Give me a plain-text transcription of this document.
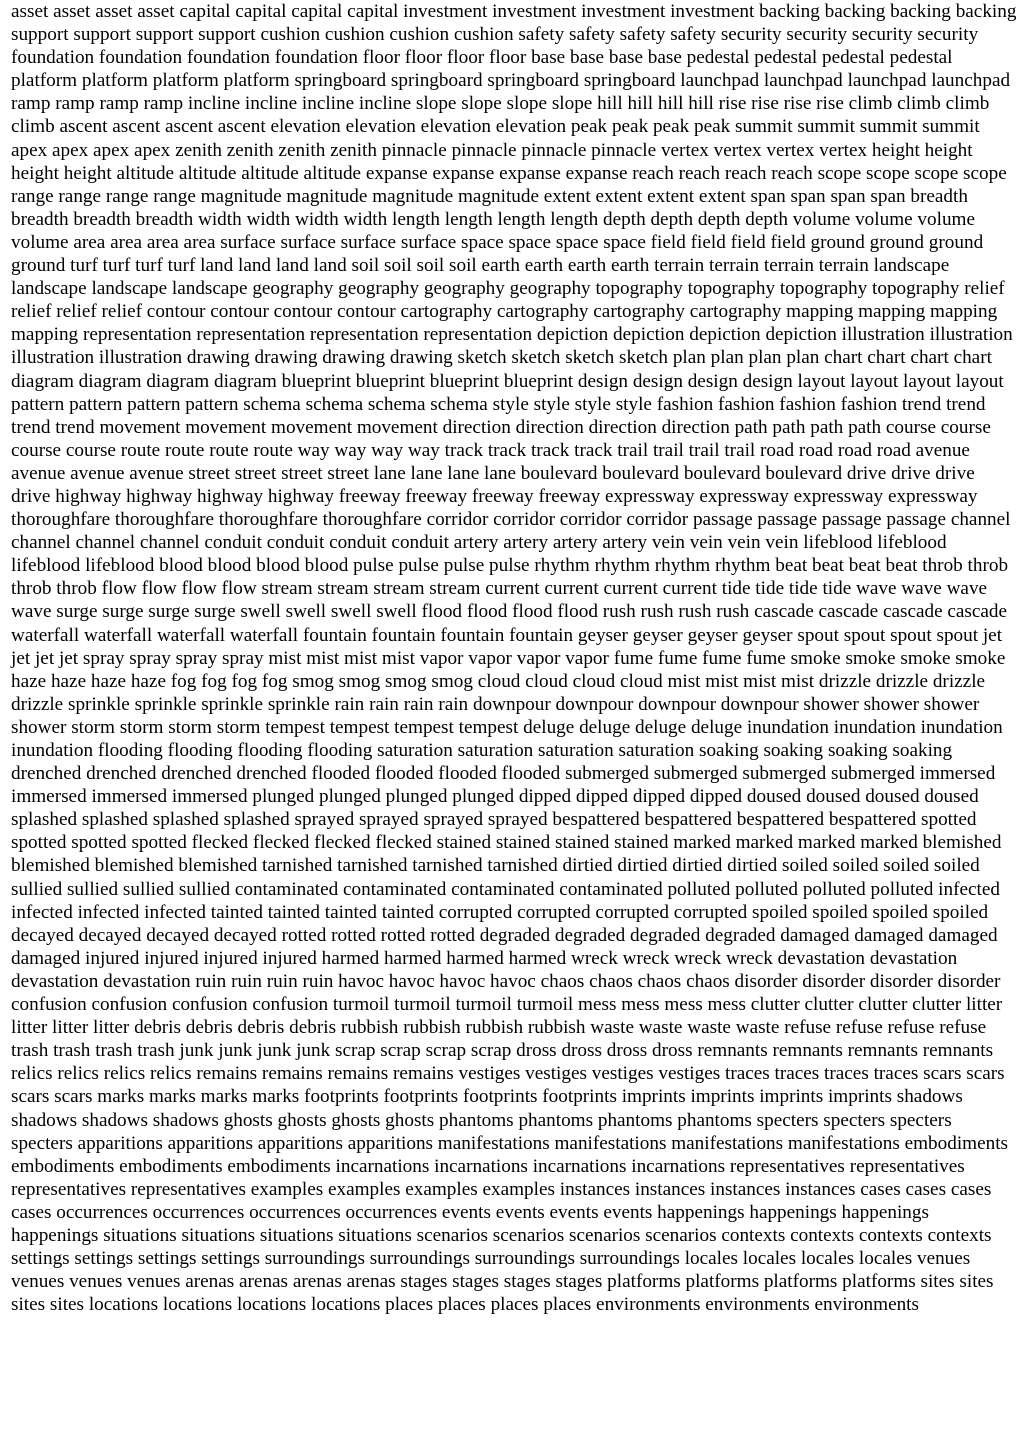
asset asset asset asset capital capital capital capital investment investment investment investment backing backing backing backing support support support support cushion cushion cushion cushion safety safety safety safety security security security security foundation foundation foundation foundation floor floor floor floor base base base base pedestal pedestal pedestal pedestal platform platform platform platform springboard springboard springboard springboard launchpad launchpad launchpad launchpad ramp ramp ramp ramp incline incline incline incline slope slope slope slope hill hill hill hill rise rise rise rise climb climb climb climb ascent ascent ascent ascent elevation elevation elevation elevation peak peak peak peak summit summit summit summit apex apex apex apex zenith zenith zenith zenith pinnacle pinnacle pinnacle pinnacle vertex vertex vertex vertex height height height height altitude altitude altitude altitude expanse expanse expanse expanse reach reach reach reach scope scope scope scope range range range range magnitude magnitude magnitude magnitude extent extent extent extent span span span span breadth breadth breadth breadth width width width width length length length length depth depth depth depth volume volume volume volume area area area area surface surface surface surface space space space space field field field field ground ground ground ground turf turf turf turf land land land land soil soil soil soil earth earth earth earth terrain terrain terrain terrain landscape landscape landscape landscape geography geography geography geography topography topography topography topography relief relief relief relief contour contour contour contour cartography cartography cartography cartography mapping mapping mapping mapping representation representation representation representation depiction depiction depiction depiction illustration illustration illustration illustration drawing drawing drawing drawing sketch sketch sketch sketch plan plan plan plan chart chart chart chart diagram diagram diagram diagram blueprint blueprint blueprint blueprint design design design design layout layout layout layout pattern pattern pattern pattern schema schema schema schema style style style style fashion fashion fashion fashion trend trend trend trend movement movement movement movement direction direction direction direction path path path path course course course course route route route route way way way way track track track track trail trail trail trail road road road road avenue avenue avenue avenue street street street street lane lane lane lane boulevard boulevard boulevard boulevard drive drive drive drive highway highway highway highway freeway freeway freeway freeway expressway expressway expressway expressway thoroughfare thoroughfare thoroughfare thoroughfare corridor corridor corridor corridor passage passage passage passage channel channel channel channel conduit conduit conduit conduit artery artery artery artery vein vein vein vein lifeblood lifeblood lifeblood lifeblood blood blood blood blood pulse pulse pulse pulse rhythm rhythm rhythm rhythm beat beat beat beat throb throb throb throb flow flow flow flow stream stream stream stream current current current current tide tide tide tide wave wave wave wave surge surge surge surge swell swell swell swell flood flood flood flood rush rush rush rush cascade cascade cascade cascade waterfall waterfall waterfall waterfall fountain fountain fountain fountain geyser geyser geyser geyser spout spout spout spout jet jet jet jet spray spray spray spray mist mist mist mist vapor vapor vapor vapor fume fume fume fume smoke smoke smoke smoke haze haze haze haze fog fog fog fog smog smog smog smog cloud cloud cloud cloud mist mist mist mist drizzle drizzle drizzle drizzle sprinkle sprinkle sprinkle sprinkle rain rain rain rain downpour downpour downpour downpour shower shower shower shower storm storm storm storm tempest tempest tempest tempest deluge deluge deluge deluge inundation inundation inundation inundation flooding flooding flooding flooding saturation saturation saturation saturation soaking soaking soaking soaking drenched drenched drenched drenched flooded flooded flooded flooded submerged submerged submerged submerged immersed immersed immersed immersed plunged plunged plunged plunged dipped dipped dipped dipped doused doused doused doused splashed splashed splashed splashed sprayed sprayed sprayed sprayed bespattered bespattered bespattered bespattered spotted spotted spotted spotted flecked flecked flecked flecked stained stained stained stained marked marked marked marked blemished blemished blemished blemished tarnished tarnished tarnished tarnished dirtied dirtied dirtied dirtied soiled soiled soiled soiled sullied sullied sullied sullied contaminated contaminated contaminated contaminated polluted polluted polluted polluted infected infected infected infected tainted tainted tainted tainted corrupted corrupted corrupted corrupted spoiled spoiled spoiled spoiled decayed decayed decayed decayed rotted rotted rotted rotted degraded degraded degraded degraded damaged damaged damaged damaged injured injured injured injured harmed harmed harmed harmed wreck wreck wreck wreck devastation devastation devastation devastation ruin ruin ruin ruin havoc havoc havoc havoc chaos chaos chaos chaos disorder disorder disorder disorder confusion confusion confusion confusion turmoil turmoil turmoil turmoil mess mess mess mess clutter clutter clutter clutter litter litter litter litter debris debris debris debris rubbish rubbish rubbish rubbish waste waste waste waste refuse refuse refuse refuse trash trash trash trash junk junk junk junk scrap scrap scrap scrap dross dross dross dross remnants remnants remnants remnants relics relics relics relics remains remains remains remains vestiges vestiges vestiges vestiges traces traces traces traces scars scars scars scars marks marks marks marks footprints footprints footprints footprints imprints imprints imprints imprints shadows shadows shadows shadows ghosts ghosts ghosts ghosts phantoms phantoms phantoms phantoms specters specters specters specters apparitions apparitions apparitions apparitions manifestations manifestations manifestations manifestations embodiments embodiments embodiments embodiments incarnations incarnations incarnations incarnations representatives representatives representatives representatives examples examples examples examples instances instances instances instances cases cases cases cases occurrences occurrences occurrences occurrences events events events events happenings happenings happenings happenings situations situations situations situations scenarios scenarios scenarios scenarios contexts contexts contexts contexts settings settings settings settings surroundings surroundings surroundings surroundings locales locales locales locales venues venues venues venues arenas arenas arenas arenas stages stages stages stages platforms platforms platforms platforms sites sites sites sites locations locations locations locations places places places places environments environments environments
